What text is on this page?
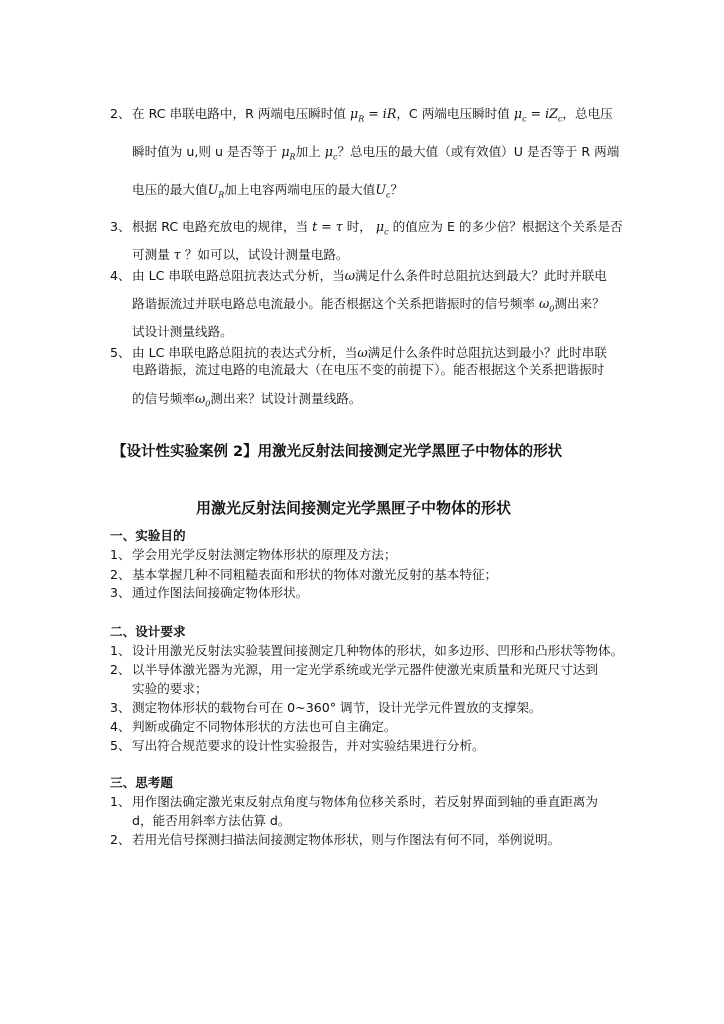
2、在 RC 串联电路中，R 两端电压瞬时值 $\mu_R$ = iR，C 两端电压瞬时值 $\mu_c = iZ_c$，总电压
瞬时值为 u,则 u 是否等于 $\mu_R$加上 $\mu_c$？总电压的最大值（或有效值）U 是否等于 R 两端
电压的最大值$U_R$加上电容两端电压的最大值$U_c$？
3、根据 RC 电路充放电的规律，当 t = τ 时， $\mu_c$ 的值应为 E 的多少倍？根据这个关系是否
可测量 τ ？如可以，试设计测量电路。
4、由 LC 串联电路总阻抗表达式分析，当ω满足什么条件时总阻抗达到最大？此时并联电
路谐振流过并联电路总电流最小。能否根据这个关系把谐振时的信号频率 $\omega_0$测出来？
试设计测量线路。
5、由 LC 串联电路总阻抗的表达式分析，当ω满足什么条件时总阻抗达到最小？此时串联
电路谐振，流过电路的电流最大（在电压不变的前提下）。能否根据这个关系把谐振时
的信号频率$\omega_0$测出来？试设计测量线路。
【设计性实验案例 2】用激光反射法间接测定光学黑匣子中物体的形状
用激光反射法间接测定光学黑匣子中物体的形状
一、实验目的
1、学会用光学反射法测定物体形状的原理及方法；
2、基本掌握几种不同粗糙表面和形状的物体对激光反射的基本特征；
3、通过作图法间接确定物体形状。
二、设计要求
1、设计用激光反射法实验装置间接测定几种物体的形状，如多边形、凹形和凸形状等物体。
2、以半导体激光器为光源，用一定光学系统或光学元器件使激光束质量和光斑尺寸达到
实验的要求；
3、测定物体形状的载物台可在 0~360° 调节，设计光学元件置放的支撑架。
4、判断或确定不同物体形状的方法也可自主确定。
5、写出符合规范要求的设计性实验报告，并对实验结果进行分析。
三、思考题
1、用作图法确定激光束反射点角度与物体角位移关系时，若反射界面到轴的垂直距离为
d，能否用斜率方法估算 d。
2、若用光信号探测扫描法间接测定物体形状，则与作图法有何不同，举例说明。
